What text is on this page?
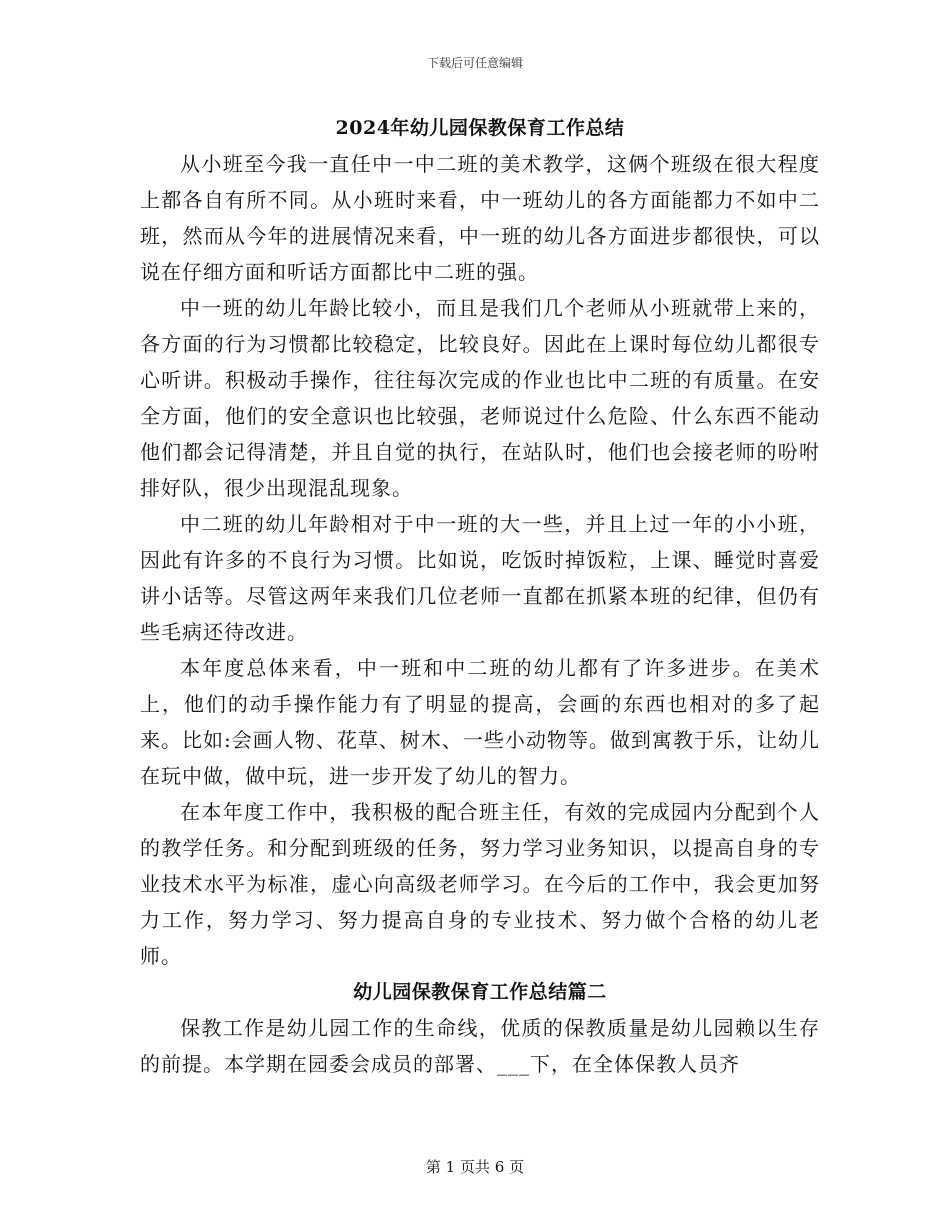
下载后可任意编辑
2024年幼儿园保教保育工作总结

从小班至今我一直任中一中二班的美术教学，这俩个班级在很大程度上都各自有所不同。从小班时来看，中一班幼儿的各方面能都力不如中二班，然而从今年的进展情况来看，中一班的幼儿各方面进步都很快，可以说在仔细方面和听话方面都比中二班的强。

中一班的幼儿年龄比较小，而且是我们几个老师从小班就带上来的，各方面的行为习惯都比较稳定，比较良好。因此在上课时每位幼儿都很专心听讲。积极动手操作，往往每次完成的作业也比中二班的有质量。在安全方面，他们的安全意识也比较强，老师说过什么危险、什么东西不能动他们都会记得清楚，并且自觉的执行，在站队时，他们也会接老师的吩咐排好队，很少出现混乱现象。

中二班的幼儿年龄相对于中一班的大一些，并且上过一年的小小班，因此有许多的不良行为习惯。比如说，吃饭时掉饭粒，上课、睡觉时喜爱讲小话等。尽管这两年来我们几位老师一直都在抓紧本班的纪律，但仍有些毛病还待改进。

本年度总体来看，中一班和中二班的幼儿都有了许多进步。在美术上，他们的动手操作能力有了明显的提高，会画的东西也相对的多了起来。比如:会画人物、花草、树木、一些小动物等。做到寓教于乐，让幼儿在玩中做，做中玩，进一步开发了幼儿的智力。

在本年度工作中，我积极的配合班主任，有效的完成园内分配到个人的教学任务。和分配到班级的任务，努力学习业务知识，以提高自身的专业技术水平为标准，虚心向高级老师学习。在今后的工作中，我会更加努力工作，努力学习、努力提高自身的专业技术、努力做个合格的幼儿老师。

幼儿园保教保育工作总结篇二

保教工作是幼儿园工作的生命线，优质的保教质量是幼儿园赖以生存的前提。本学期在园委会成员的部署、___下，在全体保教人员齐

第 1 页共 6 页
